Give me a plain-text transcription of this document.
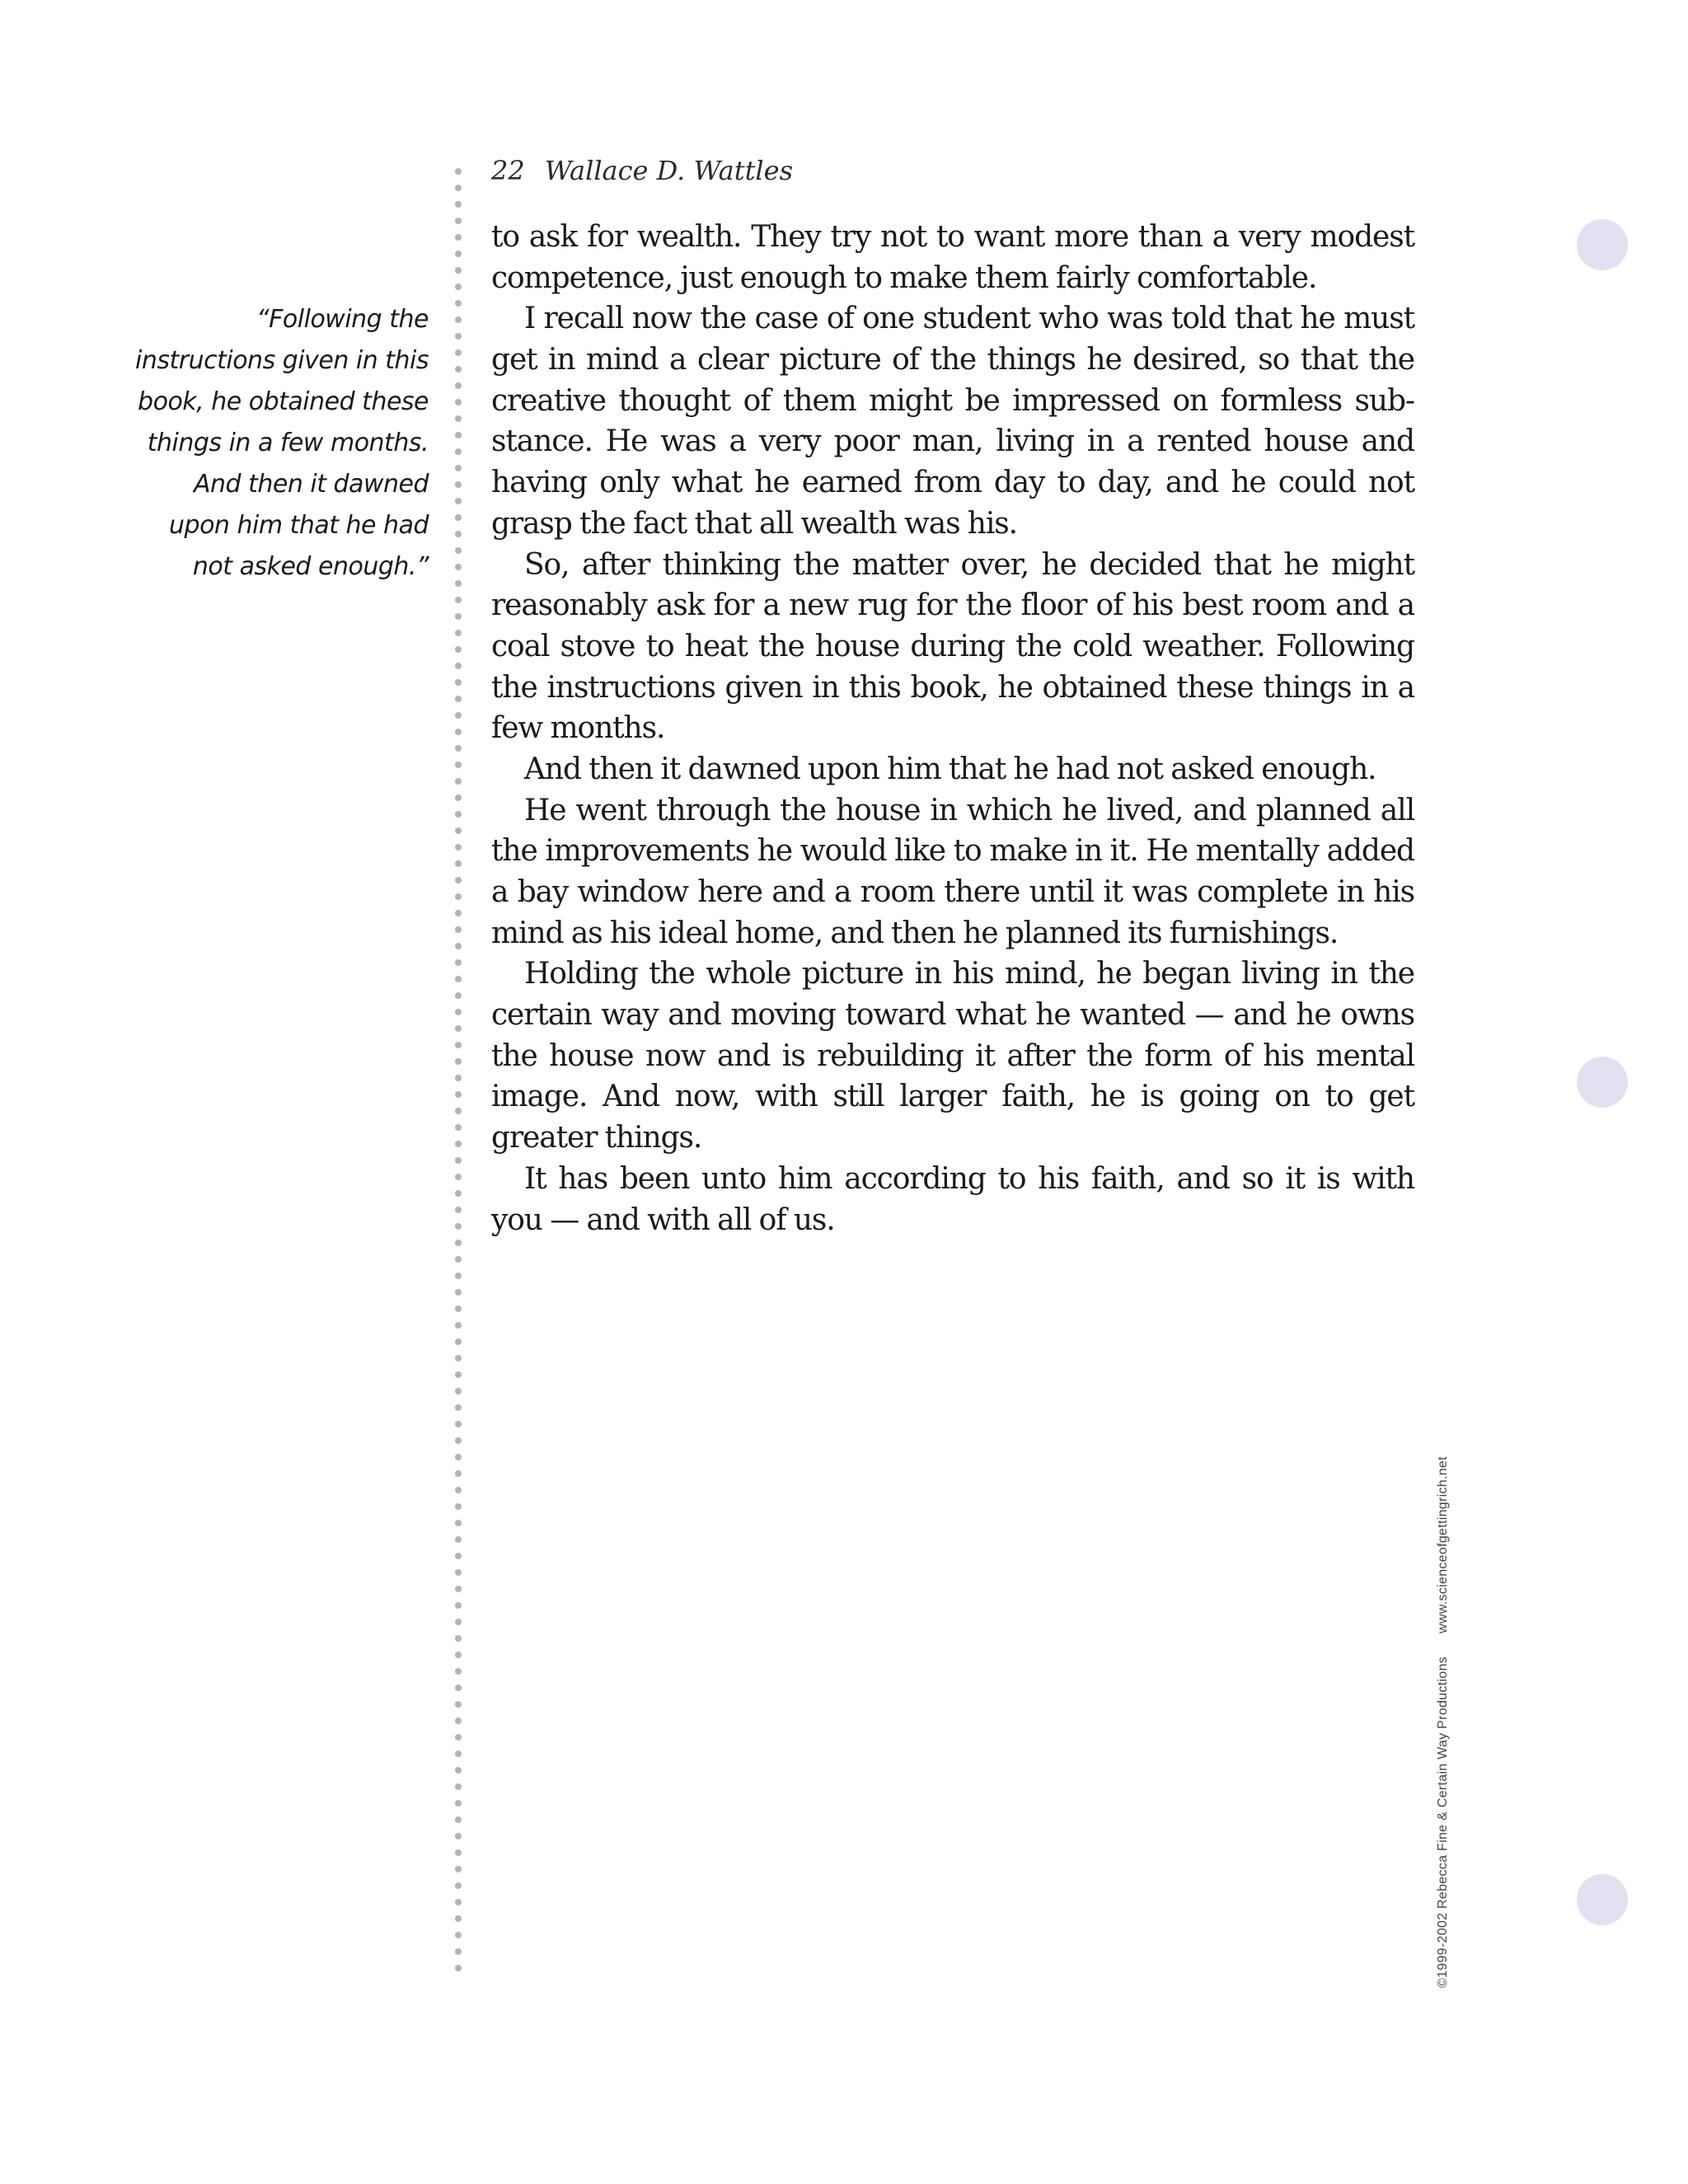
22 Wallace D. Wattles
“Following the
instructions given in this
book, he obtained these
things in a few months.
And then it dawned
upon him that he had
not asked enough.”
to ask for wealth. They try not to want more than a very modest
competence, just enough to make them fairly comfortable.
I recall now the case of one student who was told that he must
get in mind a clear picture of the things he desired, so that the
creative thought of them might be impressed on formless sub-
stance. He was a very poor man, living in a rented house and
having only what he earned from day to day, and he could not
grasp the fact that all wealth was his.
So, after thinking the matter over, he decided that he might
reasonably ask for a new rug for the floor of his best room and a
coal stove to heat the house during the cold weather. Following
the instructions given in this book, he obtained these things in a
few months.
And then it dawned upon him that he had not asked enough.
He went through the house in which he lived, and planned all
the improvements he would like to make in it. He mentally added
a bay window here and a room there until it was complete in his
mind as his ideal home, and then he planned its furnishings.
Holding the whole picture in his mind, he began living in the
certain way and moving toward what he wanted — and he owns
the house now and is rebuilding it after the form of his mental
image. And now, with still larger faith, he is going on to get
greater things.
It has been unto him according to his faith, and so it is with
you — and with all of us.
©1999-2002 Rebecca Fine & Certain Way Productionswww.scienceofgettingrich.net
